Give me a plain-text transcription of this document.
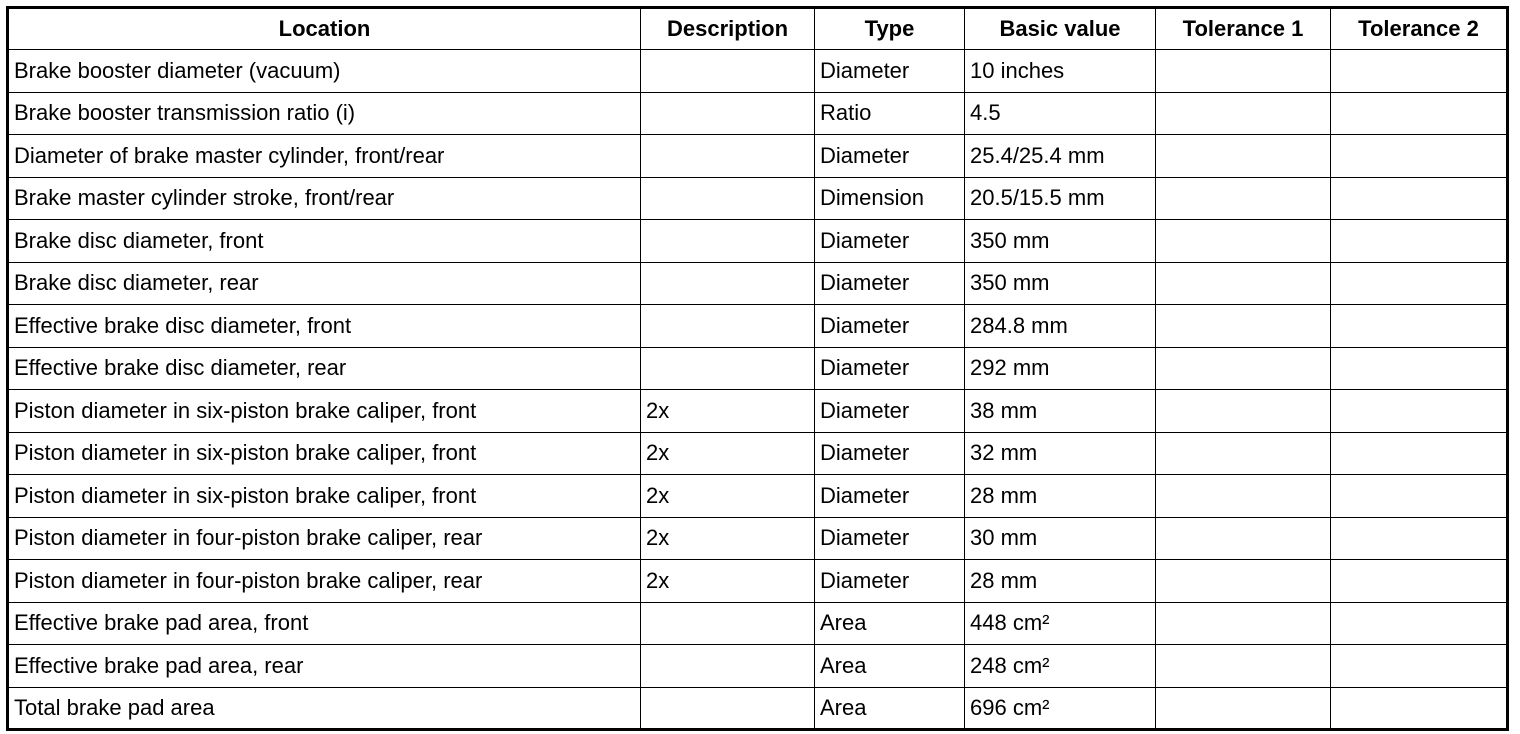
Location	Description	Type	Basic value	Tolerance 1	Tolerance 2
Brake booster diameter (vacuum)		Diameter	10 inches		
Brake booster transmission ratio (i)		Ratio	4.5		
Diameter of brake master cylinder, front/rear		Diameter	25.4/25.4 mm		
Brake master cylinder stroke, front/rear		Dimension	20.5/15.5 mm		
Brake disc diameter, front		Diameter	350 mm		
Brake disc diameter, rear		Diameter	350 mm		
Effective brake disc diameter, front		Diameter	284.8 mm		
Effective brake disc diameter, rear		Diameter	292 mm		
Piston diameter in six-piston brake caliper, front	2x	Diameter	38 mm		
Piston diameter in six-piston brake caliper, front	2x	Diameter	32 mm		
Piston diameter in six-piston brake caliper, front	2x	Diameter	28 mm		
Piston diameter in four-piston brake caliper, rear	2x	Diameter	30 mm		
Piston diameter in four-piston brake caliper, rear	2x	Diameter	28 mm		
Effective brake pad area, front		Area	448 cm²		
Effective brake pad area, rear		Area	248 cm²		
Total brake pad area		Area	696 cm²		
